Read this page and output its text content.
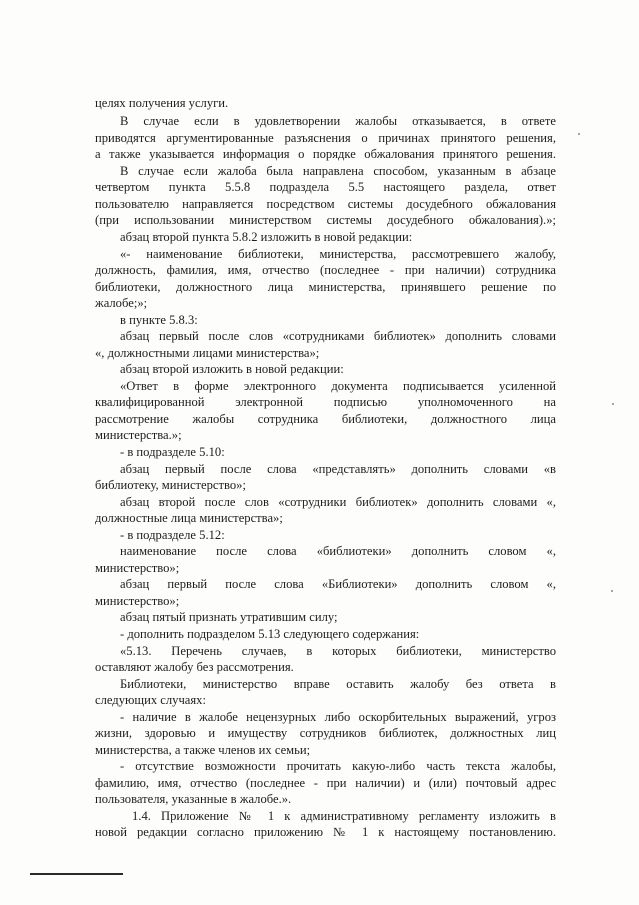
целях получения услуги.
В случае если в удовлетворении жалобы отказывается, в ответе
приводятся аргументированные разъяснения о причинах принятого решения,
а также указывается информация о порядке обжалования принятого решения.
В случае если жалоба была направлена способом, указанным в абзаце
четвертом пункта 5.5.8 подраздела 5.5 настоящего раздела, ответ
пользователю направляется посредством системы досудебного обжалования
(при использовании министерством системы досудебного обжалования).»;
абзац второй пункта 5.8.2 изложить в новой редакции:
«- наименование библиотеки, министерства, рассмотревшего жалобу,
должность, фамилия, имя, отчество (последнее - при наличии) сотрудника
библиотеки, должностного лица министерства, принявшего решение по
жалобе;»;
в пункте 5.8.3:
абзац первый после слов «сотрудниками библиотек» дополнить словами
«, должностными лицами министерства»;
абзац второй изложить в новой редакции:
«Ответ в форме электронного документа подписывается усиленной
квалифицированной электронной подписью уполномоченного на
рассмотрение жалобы сотрудника библиотеки, должностного лица
министерства.»;
- в подразделе 5.10:
абзац первый после слова «представлять» дополнить словами «в
библиотеку, министерство»;
абзац второй после слов «сотрудники библиотек» дополнить словами «,
должностные лица министерства»;
- в подразделе 5.12:
наименование после слова «библиотеки» дополнить словом «,
министерство»;
абзац первый после слова «Библиотеки» дополнить словом «,
министерство»;
абзац пятый признать утратившим силу;
- дополнить подразделом 5.13 следующего содержания:
«5.13. Перечень случаев, в которых библиотеки, министерство
оставляют жалобу без рассмотрения.
Библиотеки, министерство вправе оставить жалобу без ответа в
следующих случаях:
- наличие в жалобе нецензурных либо оскорбительных выражений, угроз
жизни, здоровью и имуществу сотрудников библиотек, должностных лиц
министерства, а также членов их семьи;
- отсутствие возможности прочитать какую-либо часть текста жалобы,
фамилию, имя, отчество (последнее - при наличии) и (или) почтовый адрес
пользователя, указанные в жалобе.».
1.4. Приложение № 1 к административному регламенту изложить в
новой редакции согласно приложению № 1 к настоящему постановлению.
